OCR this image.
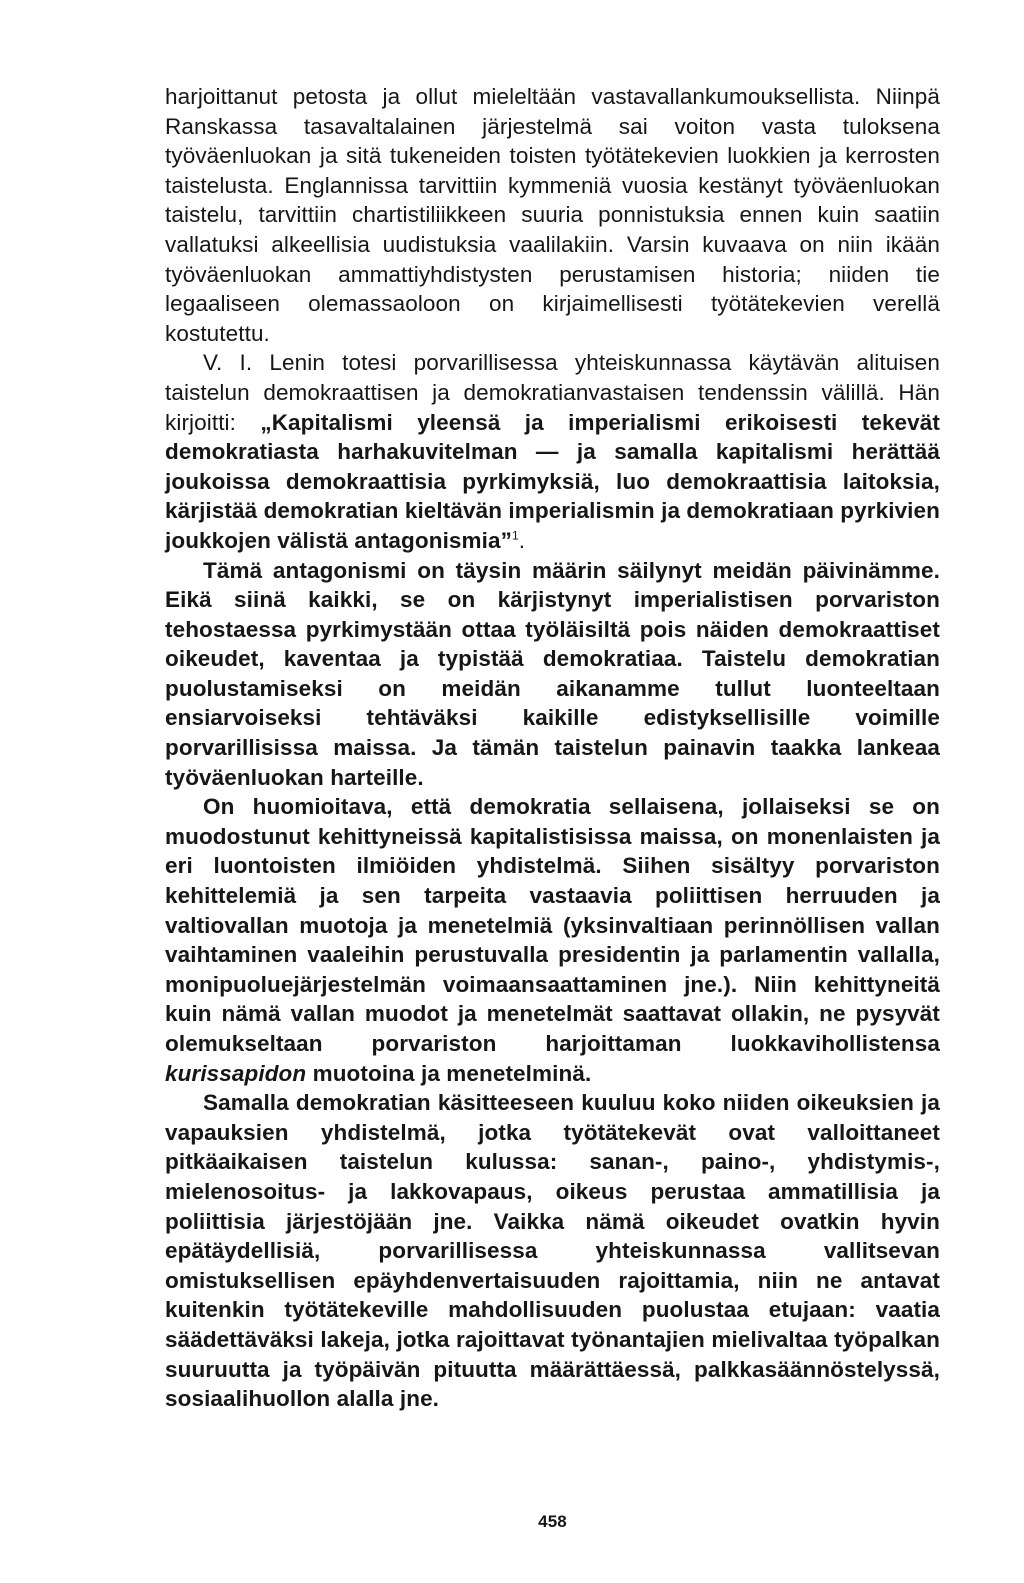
harjoittanut petosta ja ollut mieleltään vastavallankumouksellista. Niinpä Ranskassa tasavaltalainen järjestelmä sai voiton vasta tuloksena työväenluokan ja sitä tukeneiden toisten työtätekevien luokkien ja kerrosten taistelusta. Englannissa tarvittiin kymmeniä vuosia kestänyt työväenluokan taistelu, tarvittiin chartistiliikkeen suuria ponnistuksia ennen kuin saatiin vallatuksi alkeellisia uudistuksia vaalilakiin. Varsin kuvaava on niin ikään työväenluokan ammattiyhdistysten perustamisen historia; niiden tie legaaliseen olemassaoloon on kirjaimellisesti työtätekevien verellä kostutettu.

V. I. Lenin totesi porvarillisessa yhteiskunnassa käytävän alituisen taistelun demokraattisen ja demokratianvastaisen tendenssin välillä. Hän kirjoitti: „Kapitalismi yleensä ja imperialismi erikoisesti tekevät demokratiasta harhakuvitelman — ja samalla kapitalismi herättää joukoissa demokraattisia pyrkimyksiä, luo demokraattisia laitoksia, kärjistää demokratian kieltävän imperialismin ja demokratiaan pyrkivien joukkojen välistä antagonismia”$^1$.

Tämä antagonismi on täysin määrin säilynyt meidän päivinämme. Eikä siinä kaikki, se on kärjistynyt imperialistisen porvariston tehostaessa pyrkimystään ottaa työläisiltä pois näiden demokraattiset oikeudet, kaventaa ja typistää demokratiaa. Taistelu demokratian puolustamiseksi on meidän aikanamme tullut luonteeltaan ensiarvoiseksi tehtäväksi kaikille edistyksellisille voimille porvarillisissa maissa. Ja tämän taistelun painavin taakka lankeaa työväenluokan harteille.

On huomioitava, että demokratia sellaisena, jollaiseksi se on muodostunut kehittyneissä kapitalistisissa maissa, on monenlaisten ja eri luontoisten ilmiöiden yhdistelmä. Siihen sisältyy porvariston kehittelemiä ja sen tarpeita vastaavia poliittisen herruuden ja valtiovallan muotoja ja menetelmiä (yksinvaltiaan perinnöllisen vallan vaihtaminen vaaleihin perustuvalla presidentin ja parlamentin vallalla, monipuoluejärjestelmän voimaansaattaminen jne.). Niin kehittyneitä kuin nämä vallan muodot ja menetelmät saattavat ollakin, ne pysyvät olemukseltaan porvariston harjoittaman luokkavihollistensa kurissapidon muotoina ja menetelminä.

Samalla demokratian käsitteeseen kuuluu koko niiden oikeuksien ja vapauksien yhdistelmä, jotka työtätekevät ovat valloittaneet pitkäaikaisen taistelun kulussa: sanan-, paino-, yhdistymis-, mielenosoitus- ja lakkovapaus, oikeus perustaa ammatillisia ja poliittisia järjestöjään jne. Vaikka nämä oikeudet ovatkin hyvin epätäydellisiä, porvarillisessa yhteiskunnassa vallitsevan omistuksellisen epäyhdenvertaisuuden rajoittamia, niin ne antavat kuitenkin työtätekeville mahdollisuuden puolustaa etujaan: vaatia säädettäväksi lakeja, jotka rajoittavat työnantajien mielivaltaa työpalkan suuruutta ja työpäivän pituutta määrättäessä, palkkasäännöstelyssä, sosiaalihuollon alalla jne.

458
